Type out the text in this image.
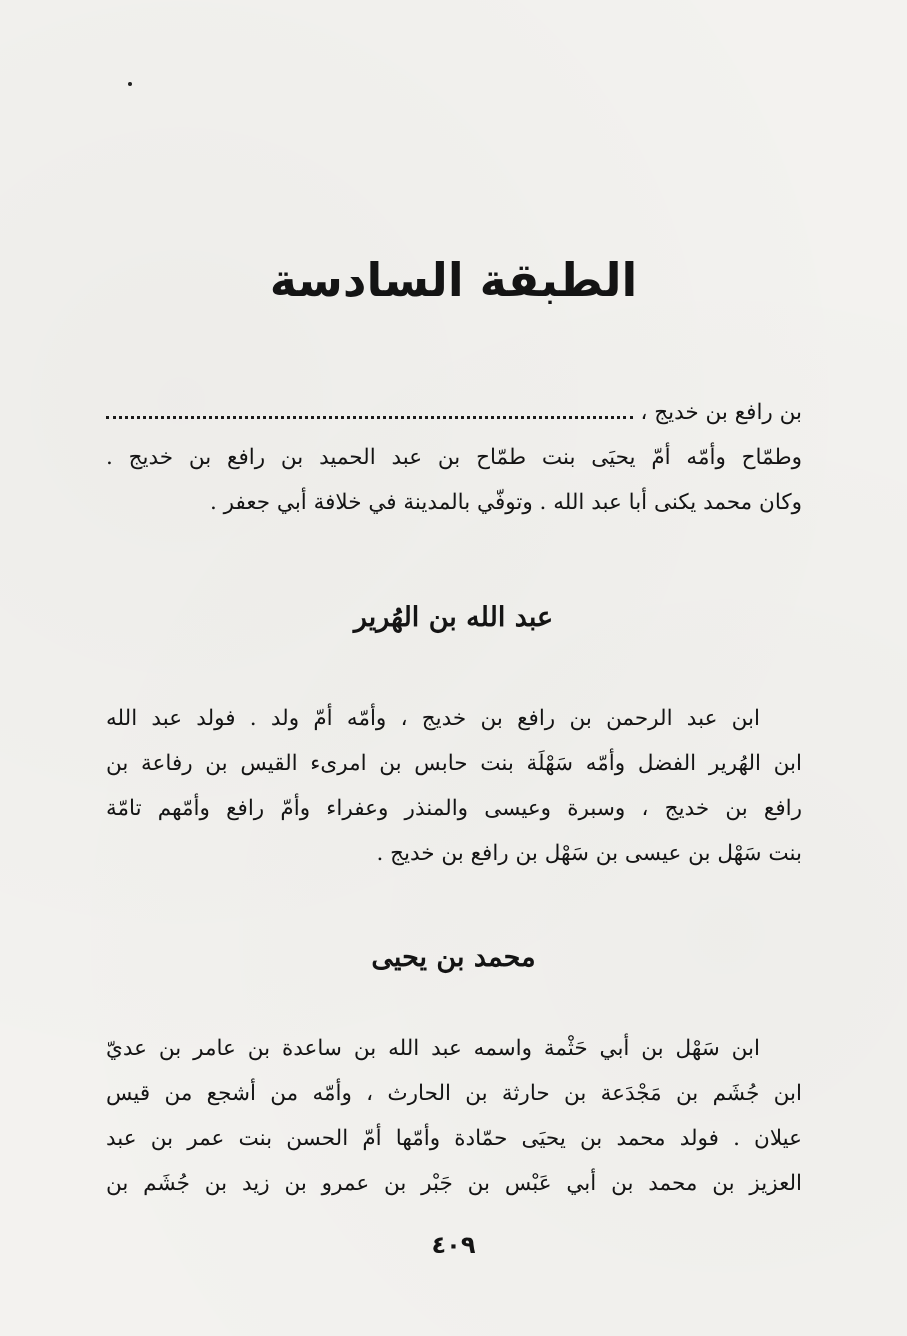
الطبقة السادسة
بن رافع بن خديج ،
وطمّاح وأمّه أمّ يحيَى بنت طمّاح بن عبد الحميد بن رافع بن خديج .
وكان محمد يكنى أبا عبد الله . وتوفّي بالمدينة في خلافة أبي جعفر .
عبد الله بن الهُرير
ابن عبد الرحمن بن رافع بن خديج ، وأمّه أمّ ولد . فولد عبد الله
ابن الهُرير الفضل وأمّه سَهْلَة بنت حابس بن امرىء القيس بن رفاعة بن
رافع بن خديج ، وسبرة وعيسى والمنذر وعفراء وأمّ رافع وأمّهم تامّة
بنت سَهْل بن عيسى بن سَهْل بن رافع بن خديج .
محمد بن يحيى
ابن سَهْل بن أبي حَثْمة واسمه عبد الله بن ساعدة بن عامر بن عديّ
ابن جُشَم بن مَجْدَعة بن حارثة بن الحارث ، وأمّه من أشجع من قيس
عيلان . فولد محمد بن يحيَى حمّادة وأمّها أمّ الحسن بنت عمر بن عبد
العزيز بن محمد بن أبي عَبْس بن جَبْر بن عمرو بن زيد بن جُشَم بن
٤٠٩
